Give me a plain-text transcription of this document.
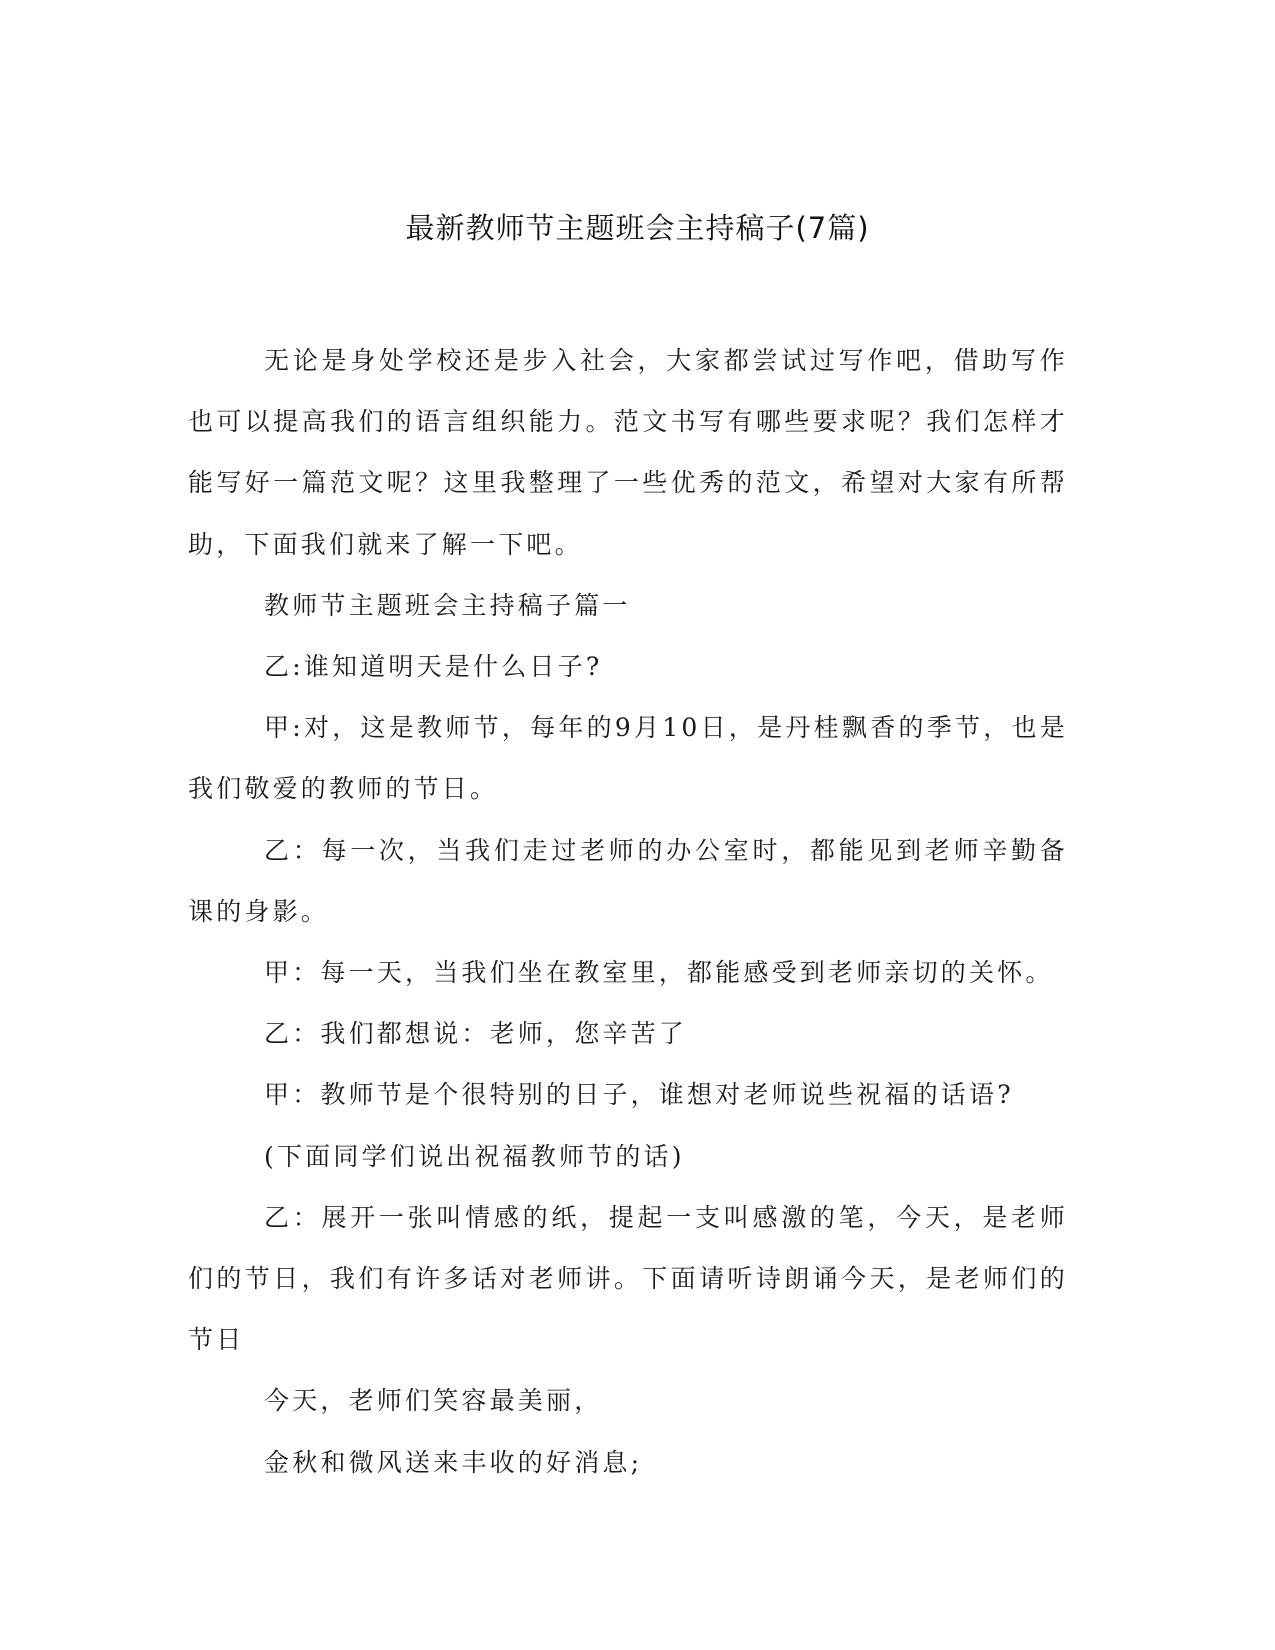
最新教师节主题班会主持稿子(7篇)

无论是身处学校还是步入社会，大家都尝试过写作吧，借助写作也可以提高我们的语言组织能力。范文书写有哪些要求呢？我们怎样才能写好一篇范文呢？这里我整理了一些优秀的范文，希望对大家有所帮助，下面我们就来了解一下吧。

教师节主题班会主持稿子篇一

乙:谁知道明天是什么日子?

甲:对，这是教师节，每年的9月10日，是丹桂飘香的季节，也是我们敬爱的教师的节日。

乙：每一次，当我们走过老师的办公室时，都能见到老师辛勤备课的身影。

甲：每一天，当我们坐在教室里，都能感受到老师亲切的关怀。

乙：我们都想说：老师，您辛苦了

甲：教师节是个很特别的日子，谁想对老师说些祝福的话语?

(下面同学们说出祝福教师节的话)

乙：展开一张叫情感的纸，提起一支叫感激的笔，今天，是老师们的节日，我们有许多话对老师讲。下面请听诗朗诵今天，是老师们的节日

今天，老师们笑容最美丽，

金秋和微风送来丰收的好消息;
